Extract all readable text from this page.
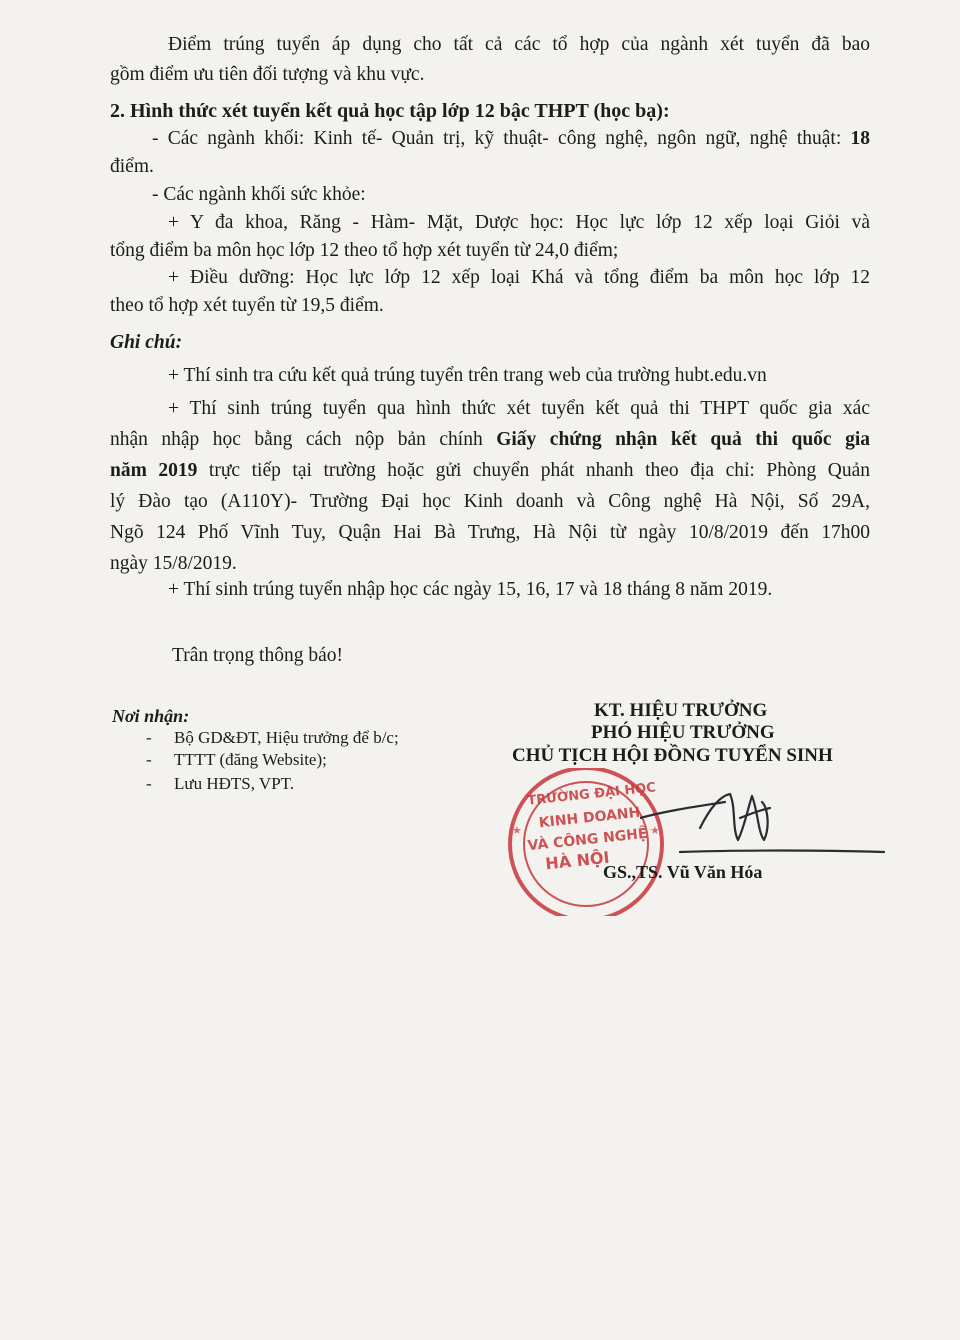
Điểm trúng tuyển áp dụng cho tất cả các tổ hợp của ngành xét tuyển đã bao
gồm điểm ưu tiên đối tượng và khu vực.
2. Hình thức xét tuyển kết quả học tập lớp 12 bậc THPT (học bạ):
- Các ngành khối: Kinh tế- Quản trị, kỹ thuật- công nghệ, ngôn ngữ, nghệ thuật: 18
điểm.
- Các ngành khối sức khỏe:
+ Y đa khoa, Răng - Hàm- Mặt, Dược học: Học lực lớp 12 xếp loại Giỏi và
tổng điểm ba môn học lớp 12 theo tổ hợp xét tuyển từ 24,0 điểm;
+ Điều dưỡng: Học lực lớp 12 xếp loại Khá và tổng điểm ba môn học lớp 12
theo tổ hợp xét tuyển từ 19,5 điểm.
Ghi chú:
+ Thí sinh tra cứu kết quả trúng tuyển trên trang web của trường hubt.edu.vn
+ Thí sinh trúng tuyển qua hình thức xét tuyển kết quả thi THPT quốc gia xác
nhận nhập học bằng cách nộp bản chính Giấy chứng nhận kết quả thi quốc gia
năm 2019 trực tiếp tại trường hoặc gửi chuyển phát nhanh theo địa chỉ: Phòng Quản
lý Đào tạo (A110Y)- Trường Đại học Kinh doanh và Công nghệ Hà Nội, Số 29A,
Ngõ 124 Phố Vĩnh Tuy, Quận Hai Bà Trưng, Hà Nội từ ngày 10/8/2019 đến 17h00
ngày 15/8/2019.
+ Thí sinh trúng tuyển nhập học các ngày 15, 16, 17 và 18 tháng 8 năm 2019.
Trân trọng thông báo!
Nơi nhận:
- Bộ GD&ĐT, Hiệu trưởng để b/c;
- TTTT (đăng Website);
- Lưu HĐTS, VPT.
KT. HIỆU TRƯỞNG
PHÓ HIỆU TRƯỞNG
CHỦ TỊCH HỘI ĐỒNG TUYỂN SINH
TRƯỜNG ĐẠI HỌC
KINH DOANH
VÀ CÔNG NGHỆ
HÀ NỘI
★	★
GS.,TS. Vũ Văn Hóa
